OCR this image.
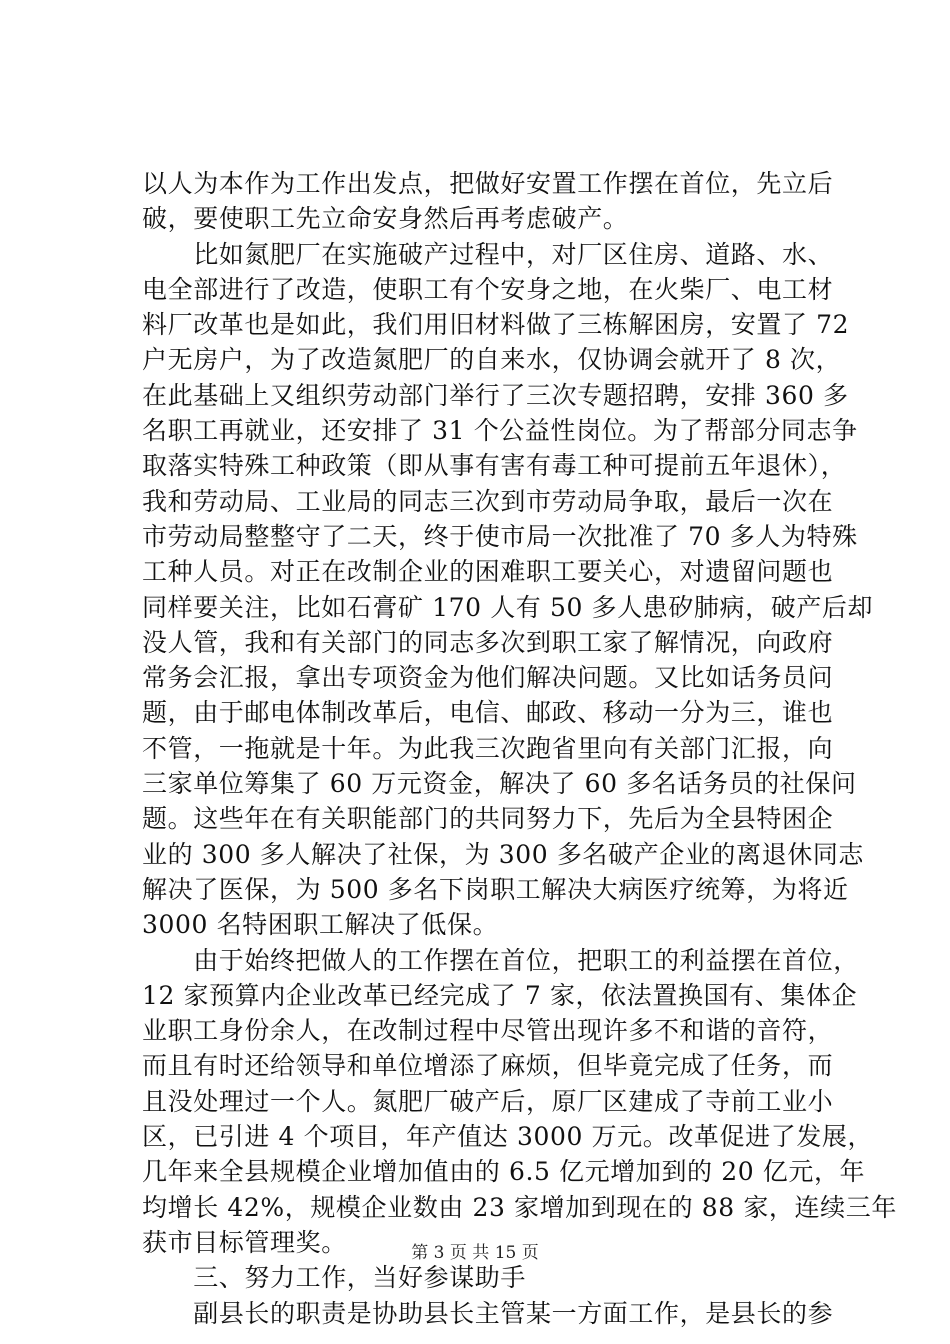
以人为本作为工作出发点，把做好安置工作摆在首位，先立后
破，要使职工先立命安身然后再考虑破产。
　　比如氮肥厂在实施破产过程中，对厂区住房、道路、水、
电全部进行了改造，使职工有个安身之地，在火柴厂、电工材
料厂改革也是如此，我们用旧材料做了三栋解困房，安置了 72
户无房户，为了改造氮肥厂的自来水，仅协调会就开了 8 次，
在此基础上又组织劳动部门举行了三次专题招聘，安排 360 多
名职工再就业，还安排了 31 个公益性岗位。为了帮部分同志争
取落实特殊工种政策（即从事有害有毒工种可提前五年退休），
我和劳动局、工业局的同志三次到市劳动局争取，最后一次在
市劳动局整整守了二天，终于使市局一次批准了 70 多人为特殊
工种人员。对正在改制企业的困难职工要关心，对遗留问题也
同样要关注，比如石膏矿 170 人有 50 多人患矽肺病，破产后却
没人管，我和有关部门的同志多次到职工家了解情况，向政府
常务会汇报，拿出专项资金为他们解决问题。又比如话务员问
题，由于邮电体制改革后，电信、邮政、移动一分为三，谁也
不管，一拖就是十年。为此我三次跑省里向有关部门汇报，向
三家单位筹集了 60 万元资金，解决了 60 多名话务员的社保问
题。这些年在有关职能部门的共同努力下，先后为全县特困企
业的 300 多人解决了社保，为 300 多名破产企业的离退休同志
解决了医保，为 500 多名下岗职工解决大病医疗统筹，为将近
3000 名特困职工解决了低保。
　　由于始终把做人的工作摆在首位，把职工的利益摆在首位，
12 家预算内企业改革已经完成了 7 家，依法置换国有、集体企
业职工身份余人，在改制过程中尽管出现许多不和谐的音符，
而且有时还给领导和单位增添了麻烦，但毕竟完成了任务，而
且没处理过一个人。氮肥厂破产后，原厂区建成了寺前工业小
区，已引进 4 个项目，年产值达 3000 万元。改革促进了发展，
几年来全县规模企业增加值由的 6.5 亿元增加到的 20 亿元，年
均增长 42%，规模企业数由 23 家增加到现在的 88 家，连续三年
获市目标管理奖。
　　三、努力工作，当好参谋助手
　　副县长的职责是协助县长主管某一方面工作，是县长的参
第 3 页 共 15 页
